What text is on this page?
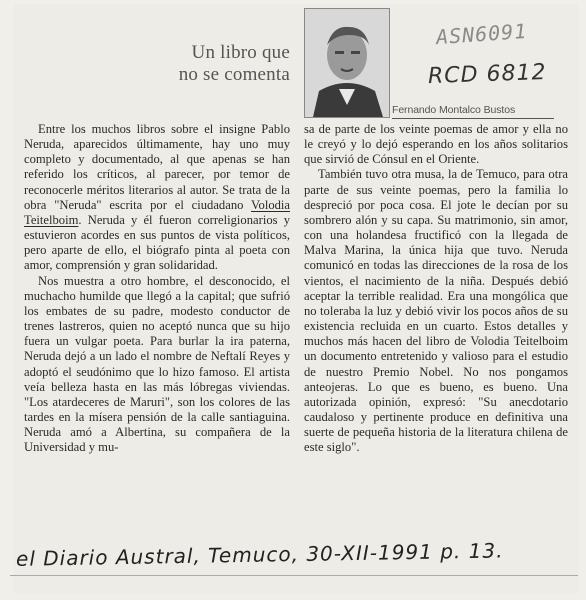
Un libro que
no se comenta
Fernando Montalco Bustos
ASN6091
RCD 6812

Entre los muchos libros sobre el insigne Pablo Neruda, aparecidos últimamente, hay uno muy completo y documentado, al que apenas se han referido los críticos, al parecer, por temor de reconocerle méritos literarios al autor. Se trata de la obra "Neruda" escrita por el ciudadano Volodia Teitelboim. Neruda y él fueron correligionarios y estuvieron acordes en sus puntos de vista políticos, pero aparte de ello, el biógrafo pinta al poeta con amor, comprensión y gran solidaridad.

Nos muestra a otro hombre, el desconocido, el muchacho humilde que llegó a la capital; que sufrió los embates de su padre, modesto conductor de trenes lastreros, quien no aceptó nunca que su hijo fuera un vulgar poeta. Para burlar la ira paterna, Neruda dejó a un lado el nombre de Neftalí Reyes y adoptó el seudónimo que lo hizo famoso. El artista veía belleza hasta en las más lóbregas viviendas. "Los atardeceres de Maruri", son los colores de las tardes en la mísera pensión de la calle santiaguina. Neruda amó a Albertina, su compañera de la Universidad y mu-

sa de parte de los veinte poemas de amor y ella no le creyó y lo dejó esperando en los años solitarios que sirvió de Cónsul en el Oriente.

También tuvo otra musa, la de Temuco, para otra parte de sus veinte poemas, pero la familia lo despreció por poca cosa. El jote le decían por su sombrero alón y su capa. Su matrimonio, sin amor, con una holandesa fructificó con la llegada de Malva Marina, la única hija que tuvo. Neruda comunicó en todas las direcciones de la rosa de los vientos, el nacimiento de la niña. Después debió aceptar la terrible realidad. Era una mongólica que no toleraba la luz y debió vivir los pocos años de su existencia recluida en un cuarto. Estos detalles y muchos más hacen del libro de Volodia Teitelboim un documento entretenido y valioso para el estudio de nuestro Premio Nobel. No nos pongamos anteojeras. Lo que es bueno, es bueno. Una autorizada opinión, expresó: "Su anecdotario caudaloso y pertinente produce en definitiva una suerte de pequeña historia de la literatura chilena de este siglo".

el Diario Austral, Temuco, 30-XII-1991 p. 13.
